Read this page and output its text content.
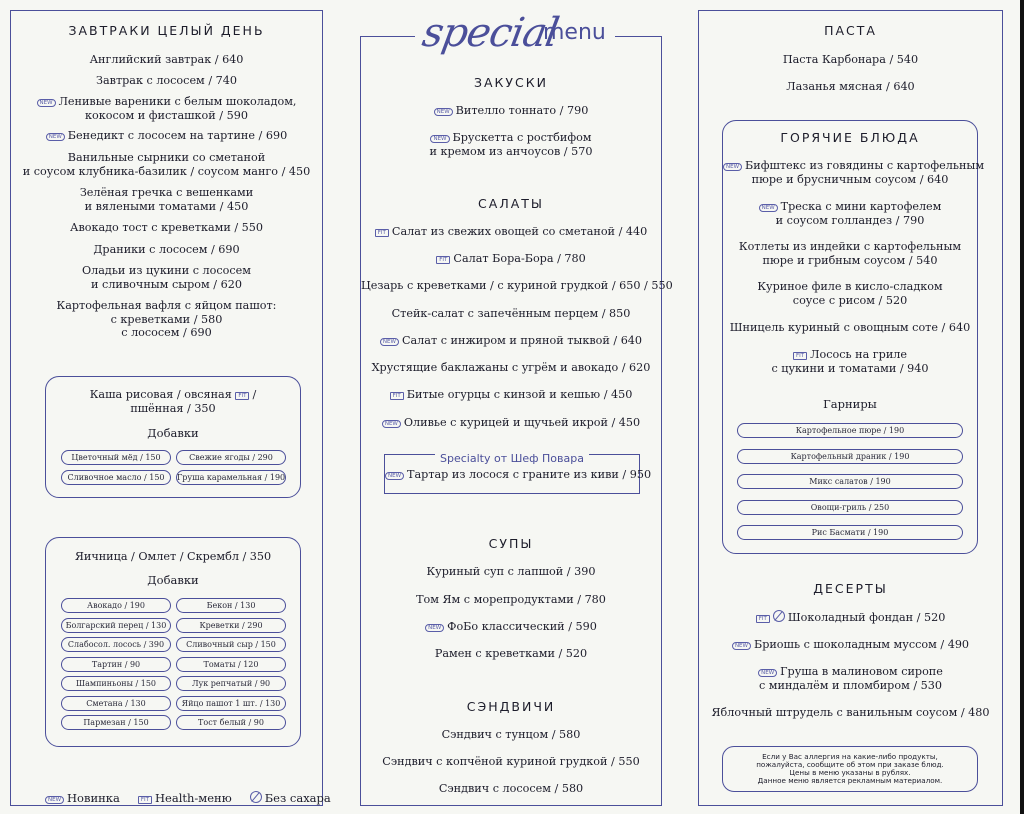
ЗАВТРАКИ ЦЕЛЫЙ ДЕНЬ
Английский завтрак / 640
Завтрак с лососем / 740
NEW Ленивые вареники с белым шоколадом,
кокосом и фисташкой / 590
NEW Бенедикт с лососем на тартине / 690
Ванильные сырники со сметаной
и соусом клубника-базилик / соусом манго / 450
Зелёная гречка с вешенками
и вялеными томатами / 450
Авокадо тост с креветками / 550
Драники с лососем / 690
Оладьи из цукини с лососем
и сливочным сыром / 620
Картофельная вафля с яйцом пашот:
с креветками / 580
с лососем / 690
Каша рисовая / овсяная FIT /
пшённая / 350
Добавки
Цветочный мёд / 150	Свежие ягоды / 290
Сливочное масло / 150	Груша карамельная / 190
Яичница / Омлет / Скрембл / 350
Добавки
Авокадо / 190	Бекон / 130
Болгарский перец / 130	Креветки / 290
Слабосол. лосось / 390	Сливочный сыр / 150
Тартин / 90	Томаты / 120
Шампиньоны / 150	Лук репчатый / 90
Сметана / 130	Яйцо пашот 1 шт. / 130
Пармезан / 150	Тост белый / 90
NEW Новинка	FIT Health-меню	Без сахара
ЗАКУСКИ
NEW Вителло тоннато / 790
NEW Брускетта с ростбифом
и кремом из анчоусов / 570
САЛАТЫ
FIT Салат из свежих овощей со сметаной / 440
FIT Салат Бора-Бора / 780
Цезарь с креветками / с куриной грудкой / 650 / 550
Стейк-салат с запечённым перцем / 850
NEW Салат с инжиром и пряной тыквой / 640
Хрустящие баклажаны с угрём и авокадо / 620
FIT Битые огурцы с кинзой и кешью / 450
NEW Оливье с курицей и щучьей икрой / 450
Specialty от Шеф Повара
NEW Тартар из лосося с граните из киви / 950
СУПЫ
Куриный суп с лапшой / 390
Том Ям с морепродуктами / 780
NEW ФоБо классический / 590
Рамен с креветками / 520
СЭНДВИЧИ
Сэндвич с тунцом / 580
Сэндвич с копчёной куриной грудкой / 550
Сэндвич с лососем / 580
special
menu	ПАСТА
Паста Карбонара / 540
Лазанья мясная / 640
ГОРЯЧИЕ БЛЮДА
NEW Бифштекс из говядины с картофельным
пюре и брусничным соусом / 640
NEW Треска с мини картофелем
и соусом голландез / 790
Котлеты из индейки с картофельным
пюре и грибным соусом / 540
Куриное филе в кисло-сладком
соусе с рисом / 520
Шницель куриный с овощным соте / 640
FIT Лосось на гриле
с цукини и томатами / 940
Гарниры
Картофельное пюре / 190
Картофельный драник / 190
Микс салатов / 190
Овощи-гриль / 250
Рис Басмати / 190
ДЕСЕРТЫ
FIT Шоколадный фондан / 520
NEW Бриошь с шоколадным муссом / 490
NEW Груша в малиновом сиропе
с миндалём и пломбиром / 530
Яблочный штрудель с ванильным соусом / 480
Если у Вас аллергия на какие-либо продукты,
пожалуйста, сообщите об этом при заказе блюд.
Цены в меню указаны в рублях.
Данное меню является рекламным материалом.
